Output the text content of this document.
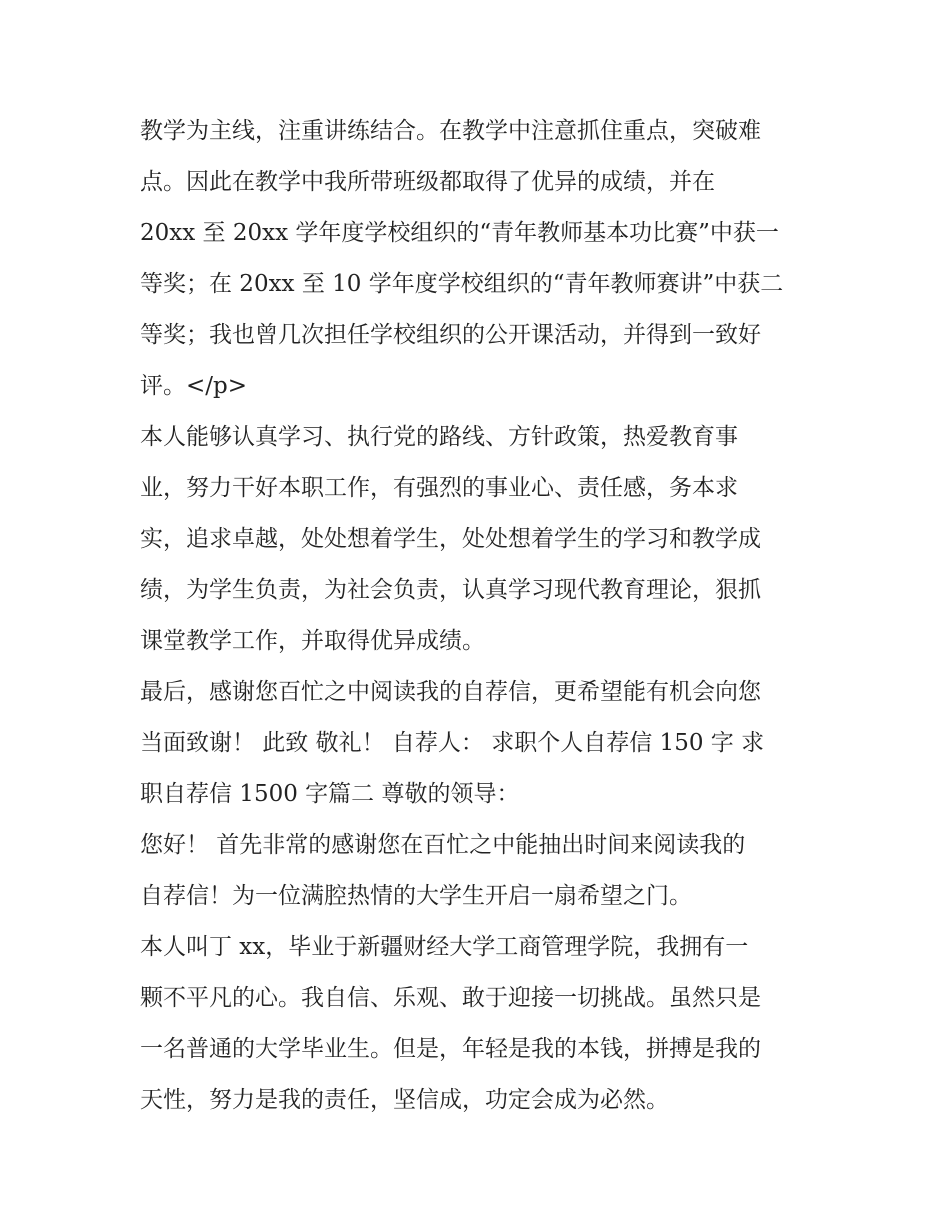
教学为主线，注重讲练结合。在教学中注意抓住重点，突破难
点。因此在教学中我所带班级都取得了优异的成绩，并在
20xx 至 20xx 学年度学校组织的“青年教师基本功比赛”中获一
等奖；在 20xx 至 10 学年度学校组织的“青年教师赛讲”中获二
等奖；我也曾几次担任学校组织的公开课活动，并得到一致好
评。</p>

本人能够认真学习、执行党的路线、方针政策，热爱教育事
业，努力干好本职工作，有强烈的事业心、责任感，务本求
实，追求卓越，处处想着学生，处处想着学生的学习和教学成
绩，为学生负责，为社会负责，认真学习现代教育理论，狠抓
课堂教学工作，并取得优异成绩。

最后，感谢您百忙之中阅读我的自荐信，更希望能有机会向您
当面致谢！ 此致 敬礼！ 自荐人： 求职个人自荐信 150 字 求
职自荐信 1500 字篇二 尊敬的领导：

您好！ 首先非常的感谢您在百忙之中能抽出时间来阅读我的
自荐信！为一位满腔热情的大学生开启一扇希望之门。

本人叫丁 xx，毕业于新疆财经大学工商管理学院，我拥有一
颗不平凡的心。我自信、乐观、敢于迎接一切挑战。虽然只是
一名普通的大学毕业生。但是，年轻是我的本钱，拼搏是我的
天性，努力是我的责任，坚信成，功定会成为必然。
